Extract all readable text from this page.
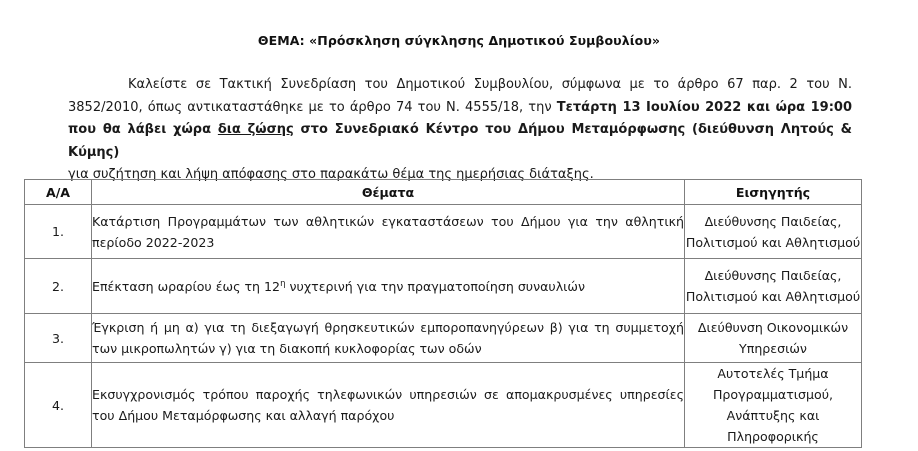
ΘΕΜΑ: «Πρόσκληση σύγκλησης Δημοτικού Συμβουλίου»
Καλείστε σε Τακτική Συνεδρίαση του Δημοτικού Συμβουλίου, σύμφωνα με το άρθρο 67 παρ. 2 του Ν. 3852/2010, όπως αντικαταστάθηκε με το άρθρο 74 του Ν. 4555/18, την Τετάρτη 13 Ιουλίου 2022 και ώρα 19:00 που θα λάβει χώρα δια ζώσης στο Συνεδριακό Κέντρο του Δήμου Μεταμόρφωσης (διεύθυνση Λητούς & Κύμης)
για συζήτηση και λήψη απόφασης στο παρακάτω θέμα της ημερήσιας διάταξης.
Α/Α	Θέματα	Εισηγητής
1.	Κατάρτιση Προγραμμάτων των αθλητικών εγκαταστάσεων του Δήμου για την αθλητική περίοδο 2022-2023	Διεύθυνσης Παιδείας, Πολιτισμού και Αθλητισμού
2.	Επέκταση ωραρίου έως τη $12^\eta$ νυχτερινή για την πραγματοποίηση συναυλιών	Διεύθυνσης Παιδείας, Πολιτισμού και Αθλητισμού
3.	Έγκριση ή μη α) για τη διεξαγωγή θρησκευτικών εμποροπανηγύρεων β) για τη συμμετοχή των μικροπωλητών γ) για τη διακοπή κυκλοφορίας των οδών	Διεύθυνση Οικονομικών Υπηρεσιών
4.	Εκσυγχρονισμός τρόπου παροχής τηλεφωνικών υπηρεσιών σε απομακρυσμένες υπηρεσίες του Δήμου Μεταμόρφωσης και αλλαγή παρόχου	Αυτοτελές Τμήμα Προγραμματισμού, Ανάπτυξης και Πληροφορικής
